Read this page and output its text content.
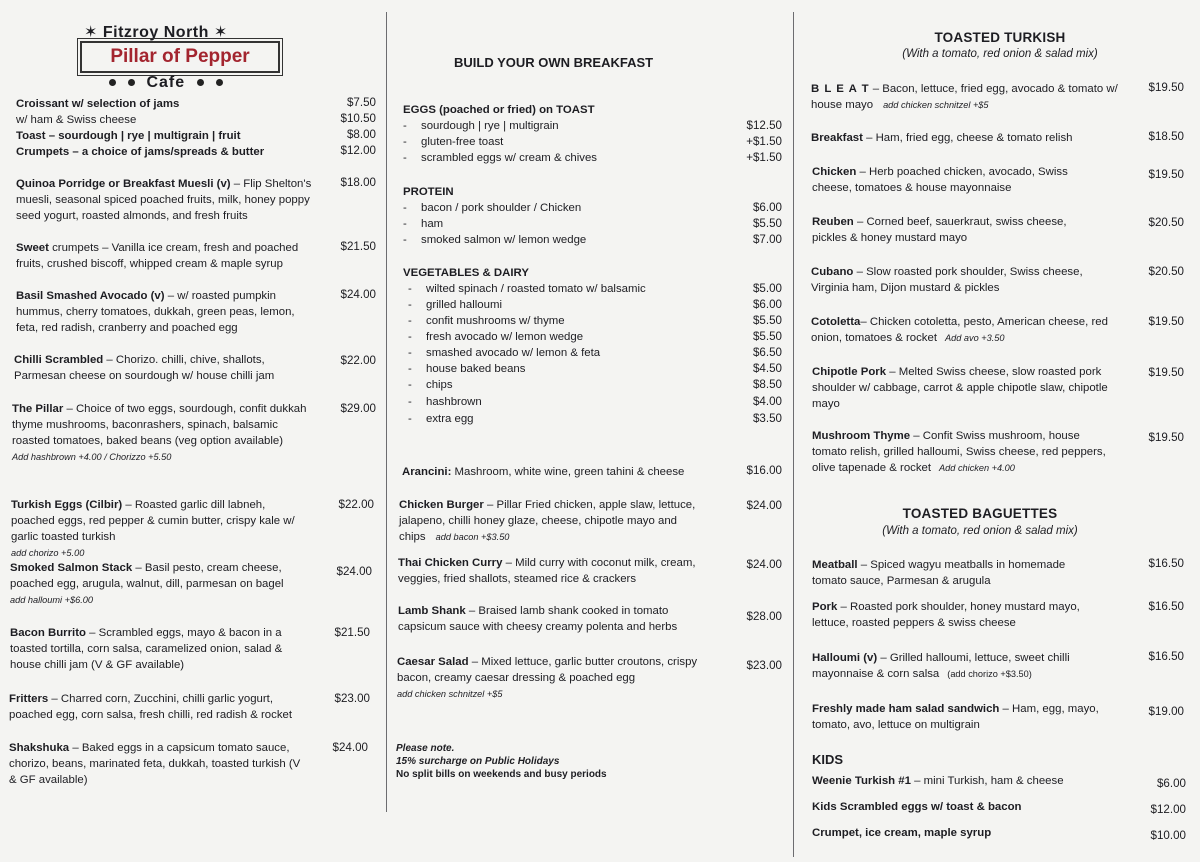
✶ Fitzroy North ✶
Pillar of Pepper
Cafe
Croissant w/ selection of jams	$7.50
w/ ham & Swiss cheese	$10.50
Toast – sourdough | rye | multigrain | fruit	$8.00
Crumpets – a choice of jams/spreads & butter	$12.00
Quinoa Porridge or Breakfast Muesli (v) – Flip Shelton's muesli, seasonal spiced poached fruits, milk, honey poppy seed yogurt, roasted almonds, and fresh fruits
$18.00
Sweet crumpets – Vanilla ice cream, fresh and poached fruits, crushed biscoff, whipped cream & maple syrup
$21.50
Basil Smashed Avocado (v) – w/ roasted pumpkin hummus, cherry tomatoes, dukkah, green peas, lemon, feta, red radish, cranberry and poached egg
$24.00
Chilli Scrambled – Chorizo. chilli, chive, shallots, Parmesan cheese on sourdough w/ house chilli jam
$22.00
The Pillar – Choice of two eggs, sourdough, confit dukkah thyme mushrooms, baconrashers, spinach, balsamic roasted tomatoes, baked beans (veg option available)
Add hashbrown +4.00 / Chorizzo +5.50
$29.00
Turkish Eggs (Cilbir) – Roasted garlic dill labneh, poached eggs, red pepper & cumin butter, crispy kale w/ garlic toasted turkish
add chorizo +5.00
$22.00
Smoked Salmon Stack – Basil pesto, cream cheese, poached egg, arugula, walnut, dill, parmesan on bagel
add halloumi +$6.00
$24.00
Bacon Burrito – Scrambled eggs, mayo & bacon in a toasted tortilla, corn salsa, caramelized onion, salad & house chilli jam (V & GF available)
$21.50
Fritters – Charred corn, Zucchini, chilli garlic yogurt, poached egg, corn salsa, fresh chilli, red radish & rocket
$23.00
Shakshuka – Baked eggs in a capsicum tomato sauce, chorizo, beans, marinated feta, dukkah, toasted turkish (V & GF available)
$24.00
BUILD YOUR OWN BREAKFAST
EGGS (poached or fried) on TOAST
- sourdough | rye | multigrain	$12.50
- gluten-free toast	+$1.50
- scrambled eggs w/ cream & chives	+$1.50
PROTEIN
- bacon / pork shoulder / Chicken	$6.00
- ham	$5.50
- smoked salmon w/ lemon wedge	$7.00
VEGETABLES & DAIRY
- wilted spinach / roasted tomato w/ balsamic	$5.00
- grilled halloumi	$6.00
- confit mushrooms w/ thyme	$5.50
- fresh avocado w/ lemon wedge	$5.50
- smashed avocado w/ lemon & feta	$6.50
- house baked beans	$4.50
- chips	$8.50
- hashbrown	$4.00
- extra egg	$3.50
Arancini: Mashroom, white wine, green tahini & cheese	$16.00
Chicken Burger – Pillar Fried chicken, apple slaw, lettuce, jalapeno, chilli honey glaze, cheese, chipotle mayo and chips add bacon +$3.50
$24.00
Thai Chicken Curry – Mild curry with coconut milk, cream, veggies, fried shallots, steamed rice & crackers
$24.00
Lamb Shank – Braised lamb shank cooked in tomato capsicum sauce with cheesy creamy polenta and herbs
$28.00
Caesar Salad – Mixed lettuce, garlic butter croutons, crispy bacon, creamy caesar dressing & poached egg
add chicken schnitzel +$5
$23.00
Please note.
15% surcharge on Public Holidays
No split bills on weekends and busy periods
TOASTED TURKISH
(With a tomato, red onion & salad mix)
B L E A T – Bacon, lettuce, fried egg, avocado & tomato w/ house mayo add chicken schnitzel +$5
$19.50
Breakfast – Ham, fried egg, cheese & tomato relish	$18.50
Chicken – Herb poached chicken, avocado, Swiss cheese, tomatoes & house mayonnaise
$19.50
Reuben – Corned beef, sauerkraut, swiss cheese, pickles & honey mustard mayo
$20.50
Cubano – Slow roasted pork shoulder, Swiss cheese, Virginia ham, Dijon mustard & pickles
$20.50
Cotoletta– Chicken cotoletta, pesto, American cheese, red onion, tomatoes & rocket Add avo +3.50
$19.50
Chipotle Pork – Melted Swiss cheese, slow roasted pork shoulder w/ cabbage, carrot & apple chipotle slaw, chipotle mayo
$19.50
Mushroom Thyme – Confit Swiss mushroom, house tomato relish, grilled halloumi, Swiss cheese, red peppers, olive tapenade & rocket Add chicken +4.00
$19.50
TOASTED BAGUETTES
(With a tomato, red onion & salad mix)
Meatball – Spiced wagyu meatballs in homemade tomato sauce, Parmesan & arugula
$16.50
Pork – Roasted pork shoulder, honey mustard mayo, lettuce, roasted peppers & swiss cheese
$16.50
Halloumi (v) – Grilled halloumi, lettuce, sweet chilli mayonnaise & corn salsa (add chorizo +$3.50)
$16.50
Freshly made ham salad sandwich – Ham, egg, mayo, tomato, avo, lettuce on multigrain
$19.00
KIDS
Weenie Turkish #1 – mini Turkish, ham & cheese	$6.00
Kids Scrambled eggs w/ toast & bacon	$12.00
Crumpet, ice cream, maple syrup	$10.00
